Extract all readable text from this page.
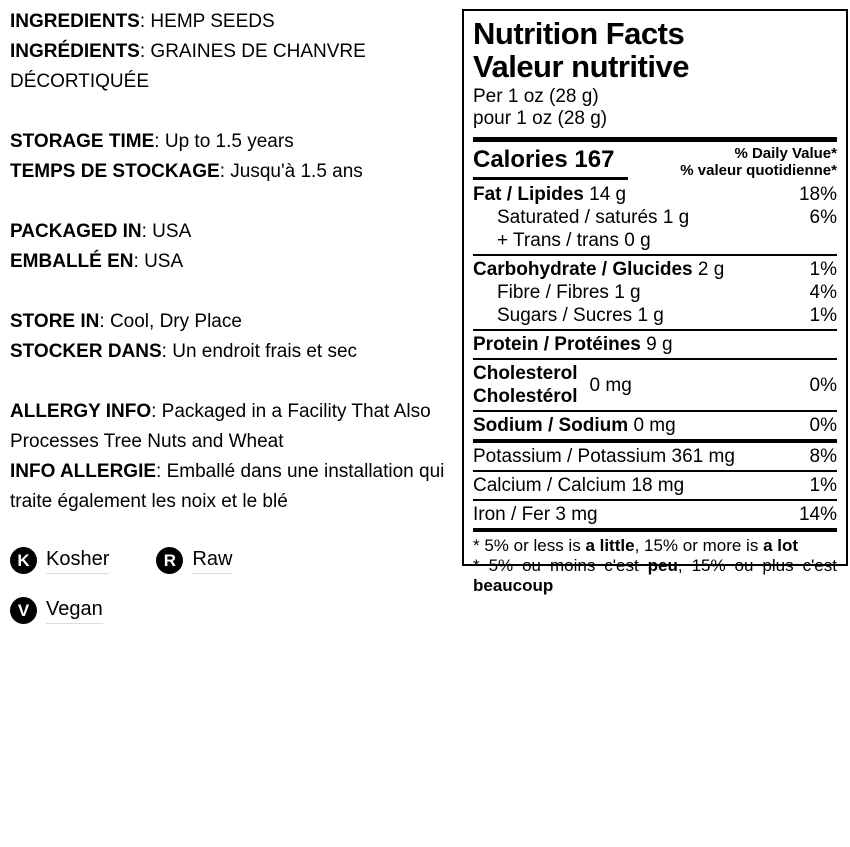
INGREDIENTS: HEMP SEEDS

INGRÉDIENTS: GRAINES DE CHANVRE DÉCORTIQUÉE

STORAGE TIME: Up to 1.5 years

TEMPS DE STOCKAGE: Jusqu'à 1.5 ans

PACKAGED IN: USA

EMBALLÉ EN: USA

STORE IN: Cool, Dry Place

STOCKER DANS: Un endroit frais et sec

ALLERGY INFO: Packaged in a Facility That Also Processes Tree Nuts and Wheat

INFO ALLERGIE: Emballé dans une installation qui traite également les noix et le blé

K Kosher	R Raw
V Vegan
Nutrition Facts
Valeur nutritive
Per 1 oz (28 g)
pour 1 oz (28 g)
Calories 167	% Daily Value*
% valeur quotidienne*
Fat / Lipides 14 g	18%
Saturated / saturés 1 g	6%
+ Trans / trans 0 g
Carbohydrate / Glucides 2 g	1%
Fibre / Fibres 1 g	4%
Sugars / Sucres 1 g	1%
Protein / Protéines 9 g
Cholesterol
Cholestérol
0 mg	0%
Sodium / Sodium 0 mg	0%
Potassium / Potassium 361 mg	8%
Calcium / Calcium 18 mg	1%
Iron / Fer 3 mg	14%

* 5% or less is a little, 15% or more is a lot

* 5% ou moins c'est peu, 15% ou plus c'est beaucoup
